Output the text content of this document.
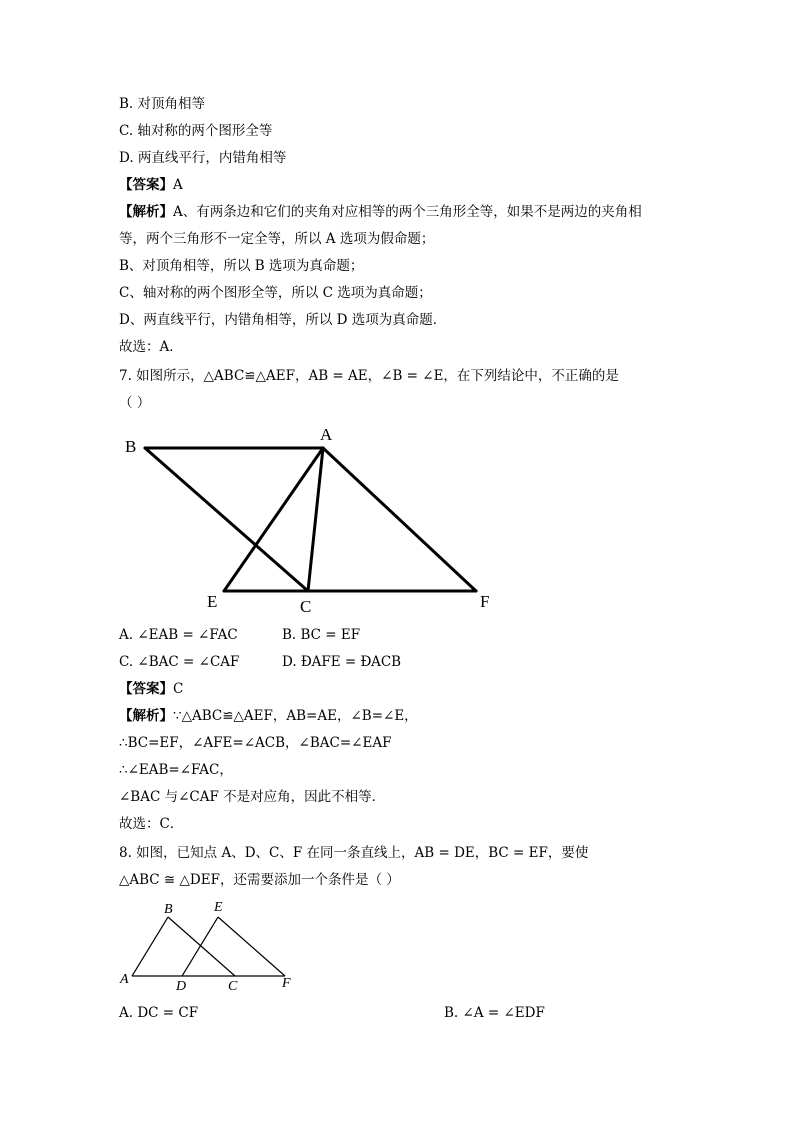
B. 对顶角相等
C. 轴对称的两个图形全等
D. 两直线平行，内错角相等
【答案】A
【解析】A、有两条边和它们的夹角对应相等的两个三角形全等，如果不是两边的夹角相
等，两个三角形不一定全等，所以 A 选项为假命题；
B、对顶角相等，所以 B 选项为真命题；
C、轴对称的两个图形全等，所以 C 选项为真命题；
D、两直线平行，内错角相等，所以 D 选项为真命题．
故选：A．
7. 如图所示，△ABC≌△AEF，AB = AE，∠B = ∠E，在下列结论中，不正确的是
（ ）
B
A
E	C	F
A. ∠EAB = ∠FAC	B. BC = EF
C. ∠BAC = ∠CAF	D. ÐAFE = ÐACB
【答案】C
【解析】∵△ABC≌△AEF，AB=AE，∠B=∠E，
∴BC=EF，∠AFE=∠ACB，∠BAC=∠EAF
∴∠EAB=∠FAC，
∠BAC 与∠CAF 不是对应角，因此不相等．
故选：C．
8. 如图，已知点 A、D、C、F 在同一条直线上，AB = DE，BC = EF，要使
△ABC ≅ △DEF，还需要添加一个条件是（ ）
B	E
A	D	C	F
A. DC = CF	B. ∠A = ∠EDF
